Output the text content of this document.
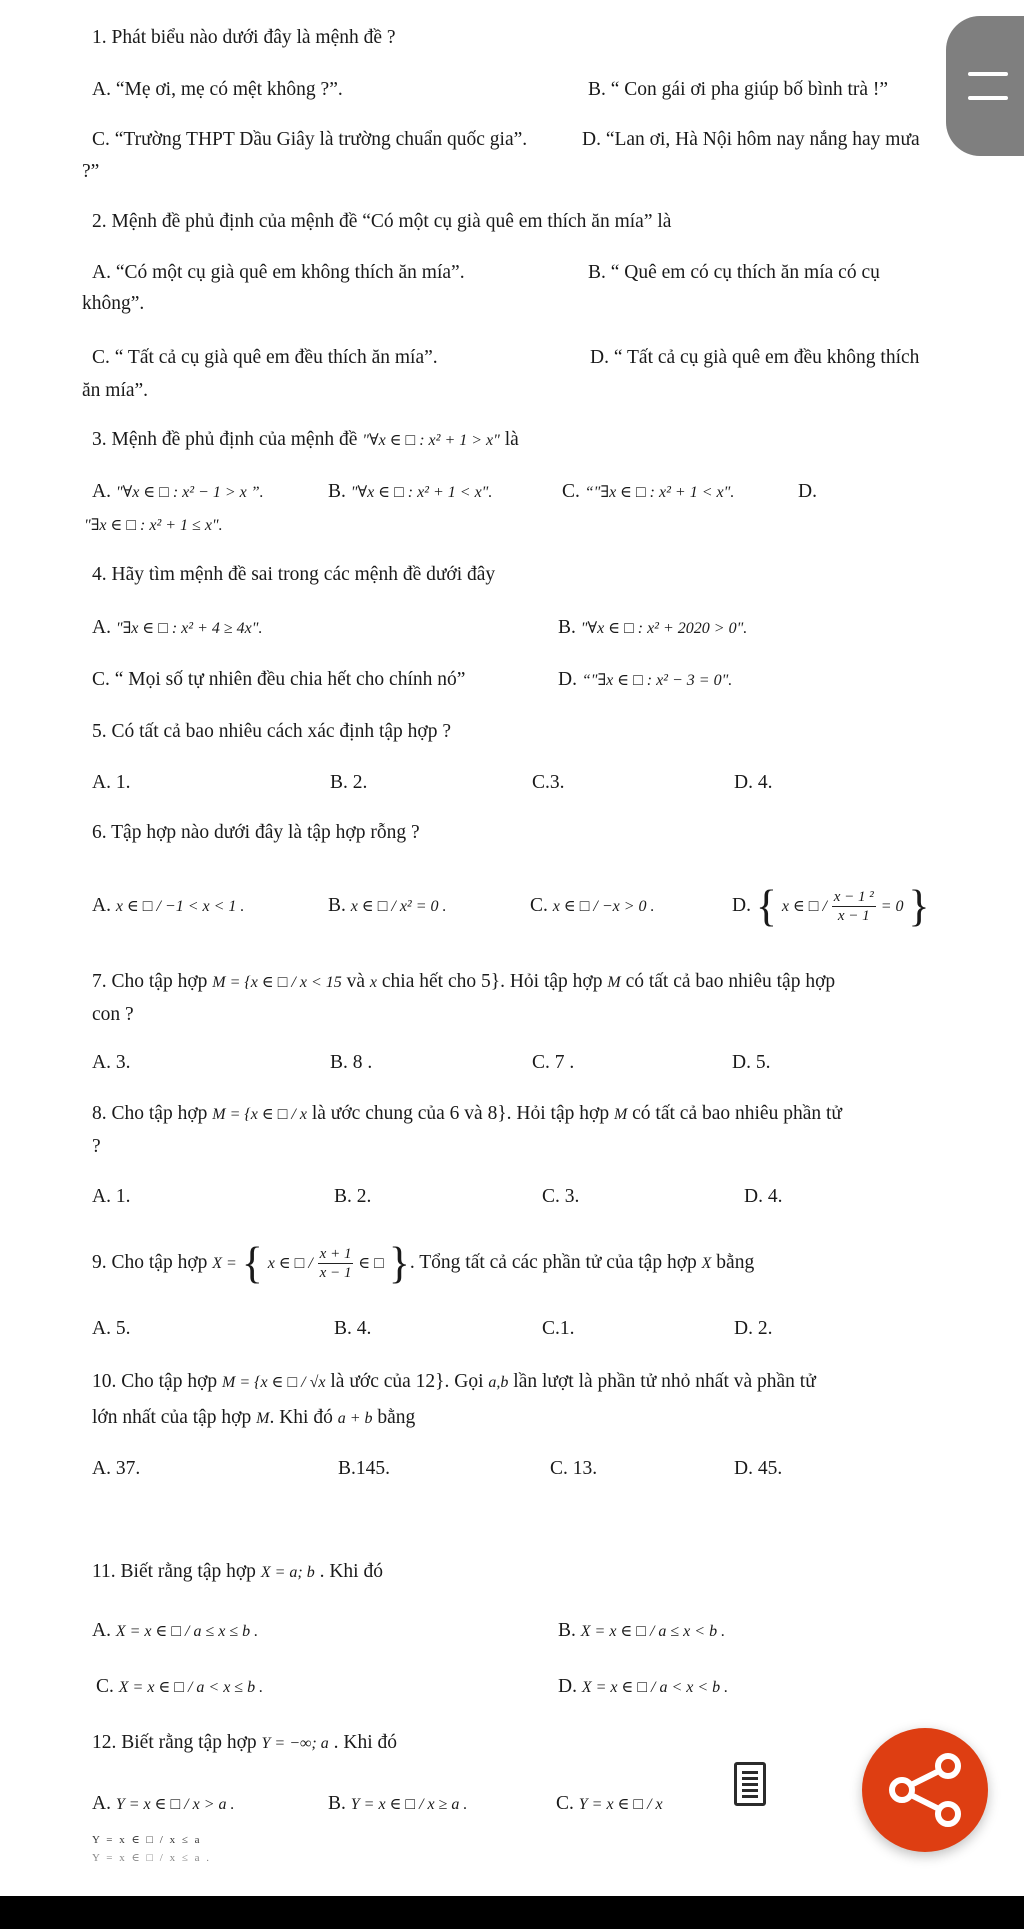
1. Phát biểu nào dưới đây là mệnh đề ?
A. “Mẹ ơi, mẹ có mệt không ?”.	B. “ Con gái ơi pha giúp bố bình trà !”
C. “Trường THPT Dầu Giây là trường chuẩn quốc gia”.	D. “Lan ơi, Hà Nội hôm nay nắng hay mưa
?”
2. Mệnh đề phủ định của mệnh đề “Có một cụ già quê em thích ăn mía” là
A. “Có một cụ già quê em không thích ăn mía”.	B. “ Quê em có cụ thích ăn mía có cụ
không”.
C. “ Tất cả cụ già quê em đều thích ăn mía”.	D. “ Tất cả cụ già quê em đều không thích
ăn mía”.
3. Mệnh đề phủ định của mệnh đề "∀x ∈ □ : x² + 1 > x" là
A. "∀x ∈ □ : x² − 1 > x ”.	B. "∀x ∈ □ : x² + 1 < x".	C. “"∃x ∈ □ : x² + 1 < x".	D.
"∃x ∈ □ : x² + 1 ≤ x".
4. Hãy tìm mệnh đề sai trong các mệnh đề dưới đây
A. "∃x ∈ □ : x² + 4 ≥ 4x".	B. "∀x ∈ □ : x² + 2020 > 0".
C. “ Mọi số tự nhiên đều chia hết cho chính nó”	D. “"∃x ∈ □ : x² − 3 = 0".
5. Có tất cả bao nhiêu cách xác định tập hợp ?
A. 1.	B. 2.	C.3.	D. 4.
6. Tập hợp nào dưới đây là tập hợp rỗng ?
A. x ∈ □ / −1 < x < 1 .	B. x ∈ □ / x² = 0 .	C. x ∈ □ / −x > 0 .	D. { x ∈ □ / $\frac{\text{x − 1 ²}}{x - 1} = 0$ }
7. Cho tập hợp M = {x ∈ □ / x < 15 và x chia hết cho 5}. Hỏi tập hợp M có tất cả bao nhiêu tập hợp
con ?
A. 3.	B. 8 .	C. 7 .	D. 5.
8. Cho tập hợp M = {x ∈ □ / x là ước chung của 6 và 8}. Hỏi tập hợp M có tất cả bao nhiêu phần tử
?
A. 1.	B. 2.	C. 3.	D. 4.
9. Cho tập hợp X = { x ∈ □ / $\frac{x + 1}{x - 1}$ ∈ □ }. Tổng tất cả các phần tử của tập hợp X bằng
A. 5.	B. 4.	C.1.	D. 2.
10. Cho tập hợp M = {x ∈ □ / √x là ước của 12}. Gọi a,b lần lượt là phần tử nhỏ nhất và phần tử
lớn nhất của tập hợp M. Khi đó a + b bằng
A. 37.	B.145.	C. 13.	D. 45.
11. Biết rằng tập hợp X = a; b . Khi đó
A. X = x ∈ □ / a ≤ x ≤ b .	B. X = x ∈ □ / a ≤ x < b .
C. X = x ∈ □ / a < x ≤ b .	D. X = x ∈ □ / a < x < b .
12. Biết rằng tập hợp Y = −∞; a . Khi đó
A. Y = x ∈ □ / x > a .	B. Y = x ∈ □ / x ≥ a .	C. Y = x ∈ □ / x
Y = x ∈ □ / x ≤ a
Y = x ∈ □ / x ≤ a .
